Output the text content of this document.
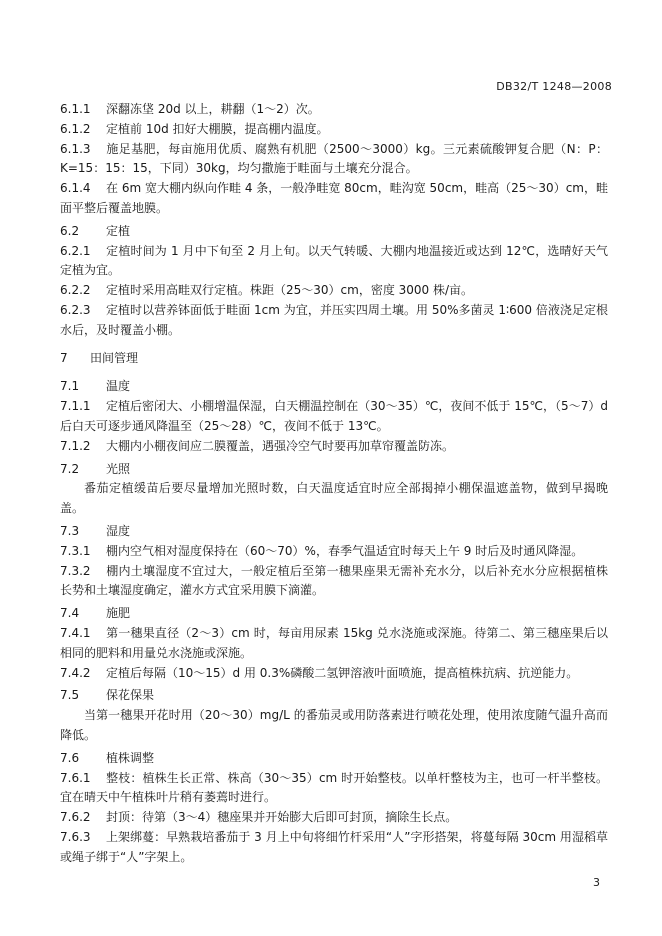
DB32/T 1248—2008
6.1.1 深翻冻垡 20d 以上，耕翻（1～2）次。
6.1.2 定植前 10d 扣好大棚膜，提高棚内温度。
6.1.3 施足基肥，每亩施用优质、腐熟有机肥（2500～3000）kg。三元素硫酸钾复合肥（N：P：K=15：15：15，下同）30kg，均匀撒施于畦面与土壤充分混合。
6.1.4 在 6m 宽大棚内纵向作畦 4 条，一般净畦宽 80cm，畦沟宽 50cm，畦高（25～30）cm，畦面平整后覆盖地膜。
6.2 定植
6.2.1 定植时间为 1 月中下旬至 2 月上旬。以天气转暖、大棚内地温接近或达到 12℃，选晴好天气定植为宜。
6.2.2 定植时采用高畦双行定植。株距（25～30）cm，密度 3000 株/亩。
6.2.3 定植时以营养钵面低于畦面 1cm 为宜，并压实四周土壤。用 50%多菌灵 1∶600 倍液浇足定根水后，及时覆盖小棚。
7 田间管理
7.1 温度
7.1.1 定植后密闭大、小棚增温保湿，白天棚温控制在（30～35）℃，夜间不低于 15℃，（5～7）d 后白天可逐步通风降温至（25～28）℃，夜间不低于 13℃。
7.1.2 大棚内小棚夜间应二膜覆盖，遇强冷空气时要再加草帘覆盖防冻。
7.2 光照
番茄定植缓苗后要尽量增加光照时数，白天温度适宜时应全部揭掉小棚保温遮盖物，做到早揭晚盖。
7.3 湿度
7.3.1 棚内空气相对湿度保持在（60～70）%，春季气温适宜时每天上午 9 时后及时通风降湿。
7.3.2 棚内土壤湿度不宜过大，一般定植后至第一穗果座果无需补充水分，以后补充水分应根据植株长势和土壤湿度确定，灌水方式宜采用膜下滴灌。
7.4 施肥
7.4.1 第一穗果直径（2～3）cm 时，每亩用尿素 15kg 兑水浇施或深施。待第二、第三穗座果后以相同的肥料和用量兑水浇施或深施。
7.4.2 定植后每隔（10～15）d 用 0.3%磷酸二氢钾溶液叶面喷施，提高植株抗病、抗逆能力。
7.5 保花保果
当第一穗果开花时用（20～30）mg/L 的番茄灵或用防落素进行喷花处理，使用浓度随气温升高而降低。
7.6 植株调整
7.6.1 整枝：植株生长正常、株高（30～35）cm 时开始整枝。以单杆整枝为主，也可一杆半整枝。宜在晴天中午植株叶片稍有萎蔫时进行。
7.6.2 封顶：待第（3～4）穗座果并开始膨大后即可封顶，摘除生长点。
7.6.3 上架绑蔓：早熟栽培番茄于 3 月上中旬将细竹杆采用“人”字形搭架，将蔓每隔 30cm 用湿稻草或绳子绑于“人”字架上。
3
